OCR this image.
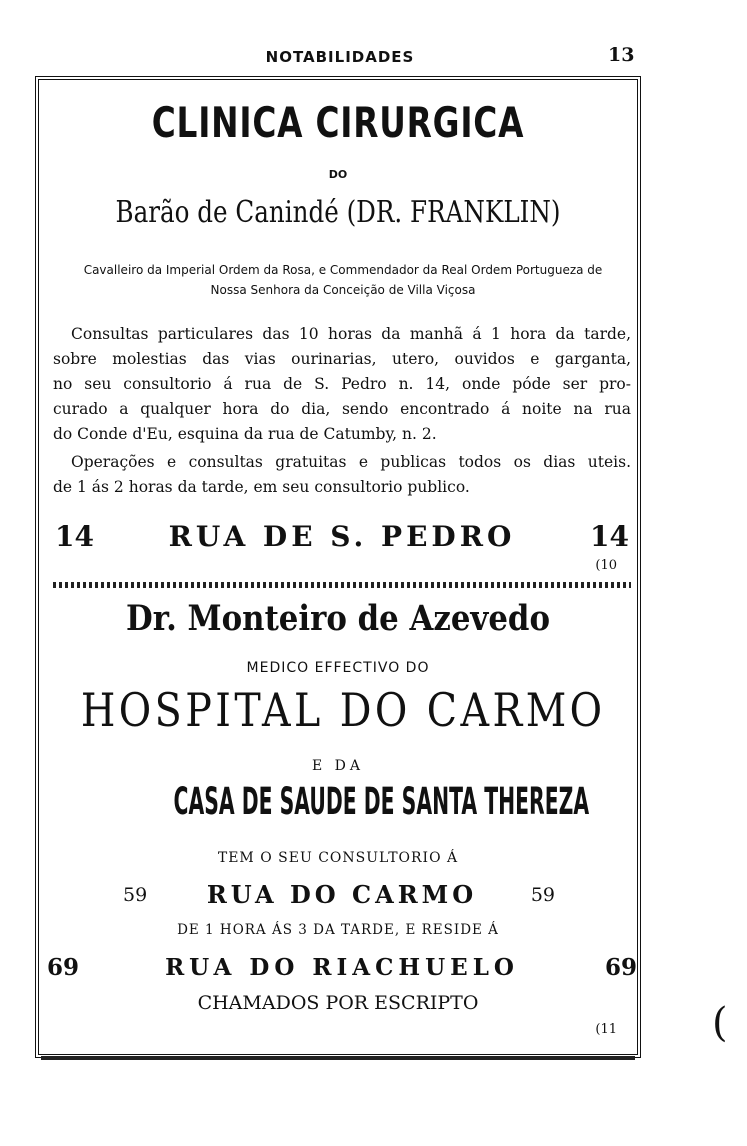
NOTABILIDADES	13
CLINICA CIRURGICA
DO
Barão de Canindé (DR. FRANKLIN)
Cavalleiro da Imperial Ordem da Rosa, e Commendador da Real Ordem Portugueza de
Nossa Senhora da Conceição de Villa Viçosa
Consultas particulares das 10 horas da manhã á 1 hora da tarde,
sobre molestias das vias ourinarias, utero, ouvidos e garganta,
no seu consultorio á rua de S. Pedro n. 14, onde póde ser pro-
curado a qualquer hora do dia, sendo encontrado á noite na rua
do Conde d'Eu, esquina da rua de Catumby, n. 2.
Operações e consultas gratuitas e publicas todos os dias uteis.
de 1 ás 2 horas da tarde, em seu consultorio publico.
14	RUA DE S. PEDRO	14
(10
Dr. Monteiro de Azevedo
MEDICO EFFECTIVO DO
HOSPITAL DO CARMO
E DA
CASA DE SAUDE DE SANTA THEREZA
TEM O SEU CONSULTORIO Á
59	RUA DO CARMO	59
DE 1 HORA ÁS 3 DA TARDE, E RESIDE Á
69	RUA DO RIACHUELO	69
CHAMADOS POR ESCRIPTO
(11 (
